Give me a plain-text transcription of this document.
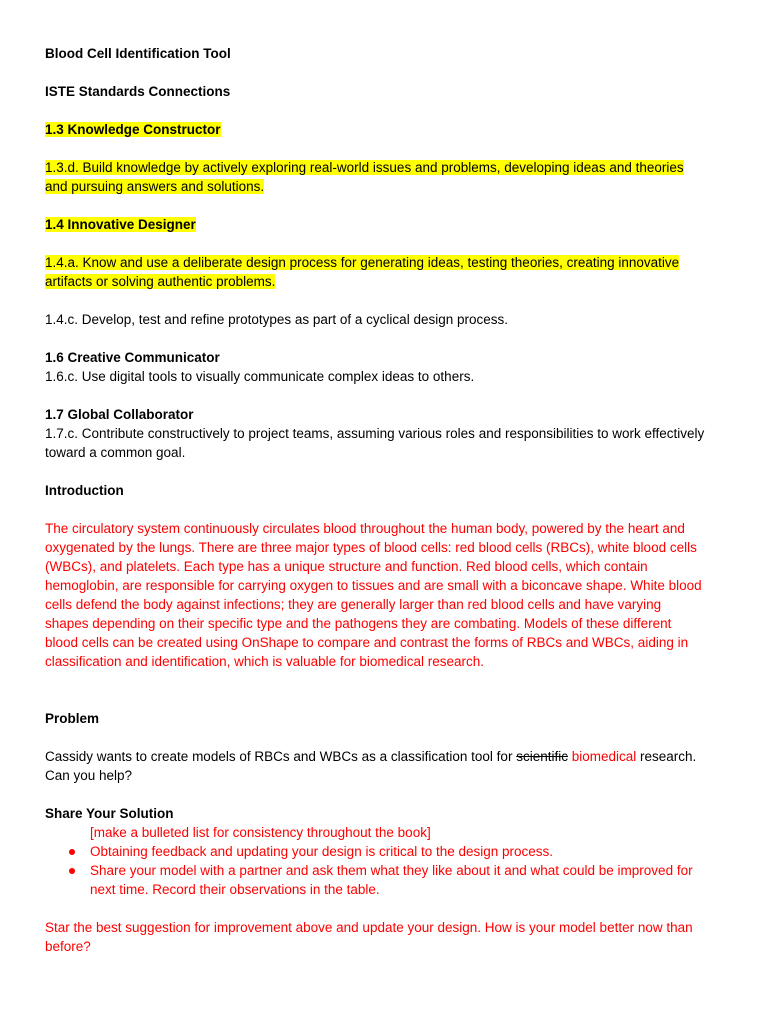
Blood Cell Identification Tool

ISTE Standards Connections

1.3 Knowledge Constructor

1.3.d. Build knowledge by actively exploring real-world issues and problems, developing ideas and theories

and pursuing answers and solutions.

1.4 Innovative Designer

1.4.a. Know and use a deliberate design process for generating ideas, testing theories, creating innovative

artifacts or solving authentic problems.

1.4.c. Develop, test and refine prototypes as part of a cyclical design process.

1.6 Creative Communicator

1.6.c. Use digital tools to visually communicate complex ideas to others.

1.7 Global Collaborator

1.7.c. Contribute constructively to project teams, assuming various roles and responsibilities to work effectively

toward a common goal.

Introduction

The circulatory system continuously circulates blood throughout the human body, powered by the heart and

oxygenated by the lungs. There are three major types of blood cells: red blood cells (RBCs), white blood cells

(WBCs), and platelets. Each type has a unique structure and function. Red blood cells, which contain

hemoglobin, are responsible for carrying oxygen to tissues and are small with a biconcave shape. White blood

cells defend the body against infections; they are generally larger than red blood cells and have varying

shapes depending on their specific type and the pathogens they are combating. Models of these different

blood cells can be created using OnShape to compare and contrast the forms of RBCs and WBCs, aiding in

classification and identification, which is valuable for biomedical research.

Problem

Cassidy wants to create models of RBCs and WBCs as a classification tool for scientific biomedical research.

Can you help?

Share Your Solution

[make a bulleted list for consistency throughout the book]

Obtaining feedback and updating your design is critical to the design process.
Share your model with a partner and ask them what they like about it and what could be improved for
next time. Record their observations in the table.

Star the best suggestion for improvement above and update your design. How is your model better now than

before?
